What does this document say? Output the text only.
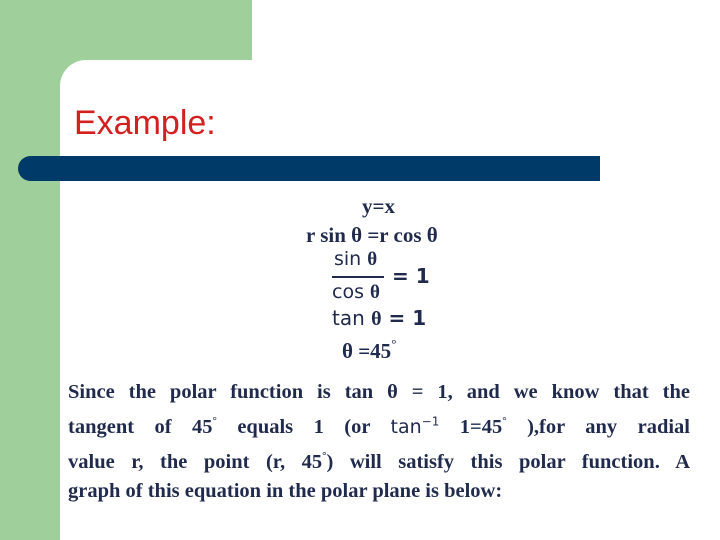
Example:
y=x
r sin θ =r cos θ
sin θ
cos θ
= 1
tan θ = 1
θ =45°
Since the polar function is tan θ = 1, and we know that the
tangent of 45° equals 1 (or $\tan^{-1} 1=45^\circ$ ),for any radial
value r, the point (r, 45°) will satisfy this polar function. A
graph of this equation in the polar plane is below:
